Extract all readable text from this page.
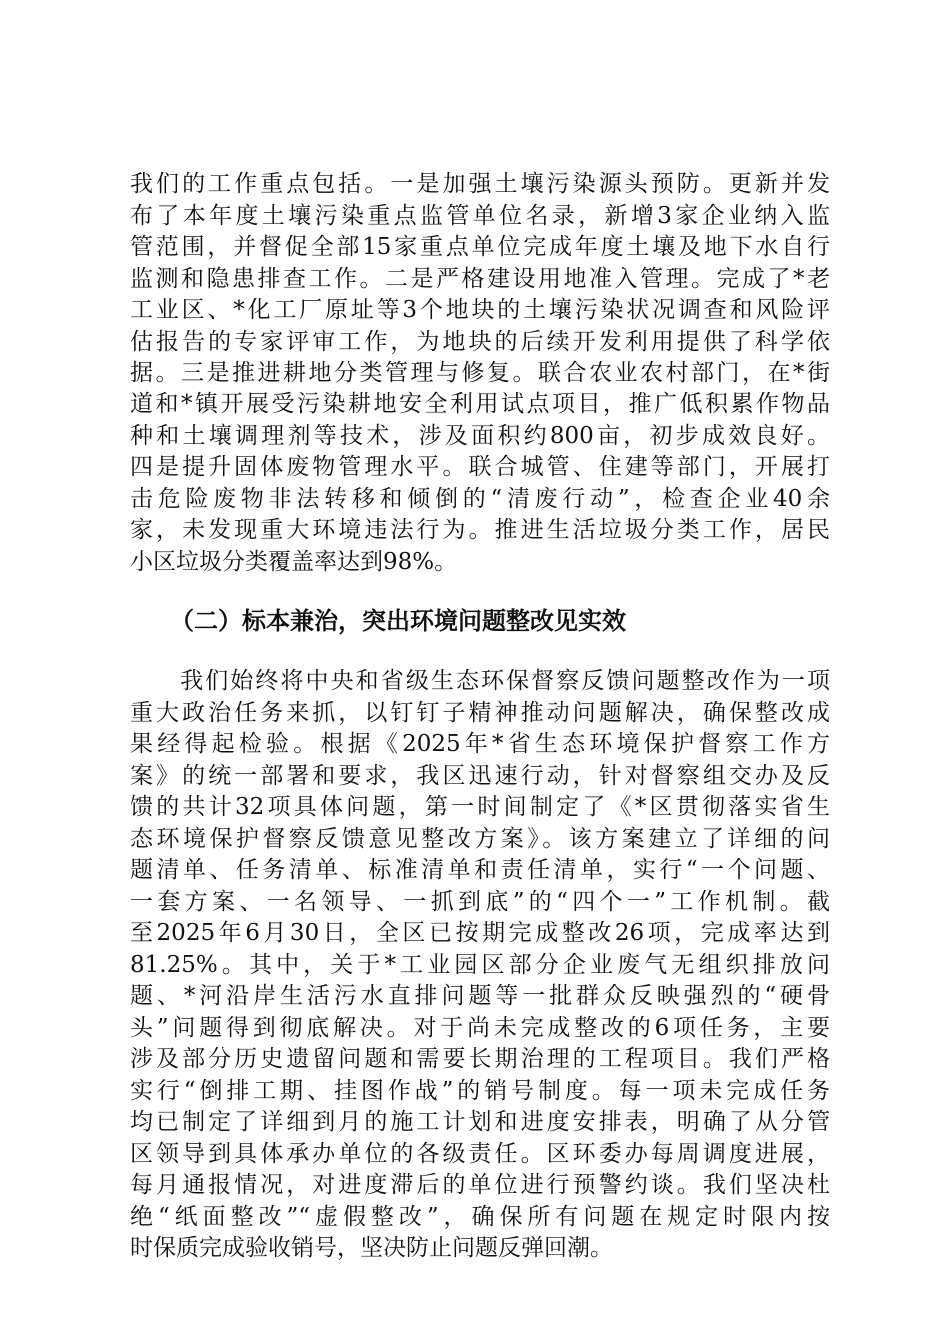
我们的工作重点包括。一是加强土壤污染源头预防。更新并发
布了本年度土壤污染重点监管单位名录，新增3家企业纳入监
管范围，并督促全部15家重点单位完成年度土壤及地下水自行
监测和隐患排查工作。二是严格建设用地准入管理。完成了*老
工业区、*化工厂原址等3个地块的土壤污染状况调查和风险评
估报告的专家评审工作，为地块的后续开发利用提供了科学依
据。三是推进耕地分类管理与修复。联合农业农村部门，在*街
道和*镇开展受污染耕地安全利用试点项目，推广低积累作物品
种和土壤调理剂等技术，涉及面积约800亩，初步成效良好。
四是提升固体废物管理水平。联合城管、住建等部门，开展打
击危险废物非法转移和倾倒的“清废行动”，检查企业40余
家，未发现重大环境违法行为。推进生活垃圾分类工作，居民
小区垃圾分类覆盖率达到98%。
（二）标本兼治，突出环境问题整改见实效
　　我们始终将中央和省级生态环保督察反馈问题整改作为一项
重大政治任务来抓，以钉钉子精神推动问题解决，确保整改成
果经得起检验。根据《2025年*省生态环境保护督察工作方
案》的统一部署和要求，我区迅速行动，针对督察组交办及反
馈的共计32项具体问题，第一时间制定了《*区贯彻落实省生
态环境保护督察反馈意见整改方案》。该方案建立了详细的问
题清单、任务清单、标准清单和责任清单，实行“一个问题、
一套方案、一名领导、一抓到底”的“四个一”工作机制。截
至2025年6月30日，全区已按期完成整改26项，完成率达到
81.25%。其中，关于*工业园区部分企业废气无组织排放问
题、*河沿岸生活污水直排问题等一批群众反映强烈的“硬骨
头”问题得到彻底解决。对于尚未完成整改的6项任务，主要
涉及部分历史遗留问题和需要长期治理的工程项目。我们严格
实行“倒排工期、挂图作战”的销号制度。每一项未完成任务
均已制定了详细到月的施工计划和进度安排表，明确了从分管
区领导到具体承办单位的各级责任。区环委办每周调度进展，
每月通报情况，对进度滞后的单位进行预警约谈。我们坚决杜
绝“纸面整改”“虚假整改”，确保所有问题在规定时限内按
时保质完成验收销号，坚决防止问题反弹回潮。
